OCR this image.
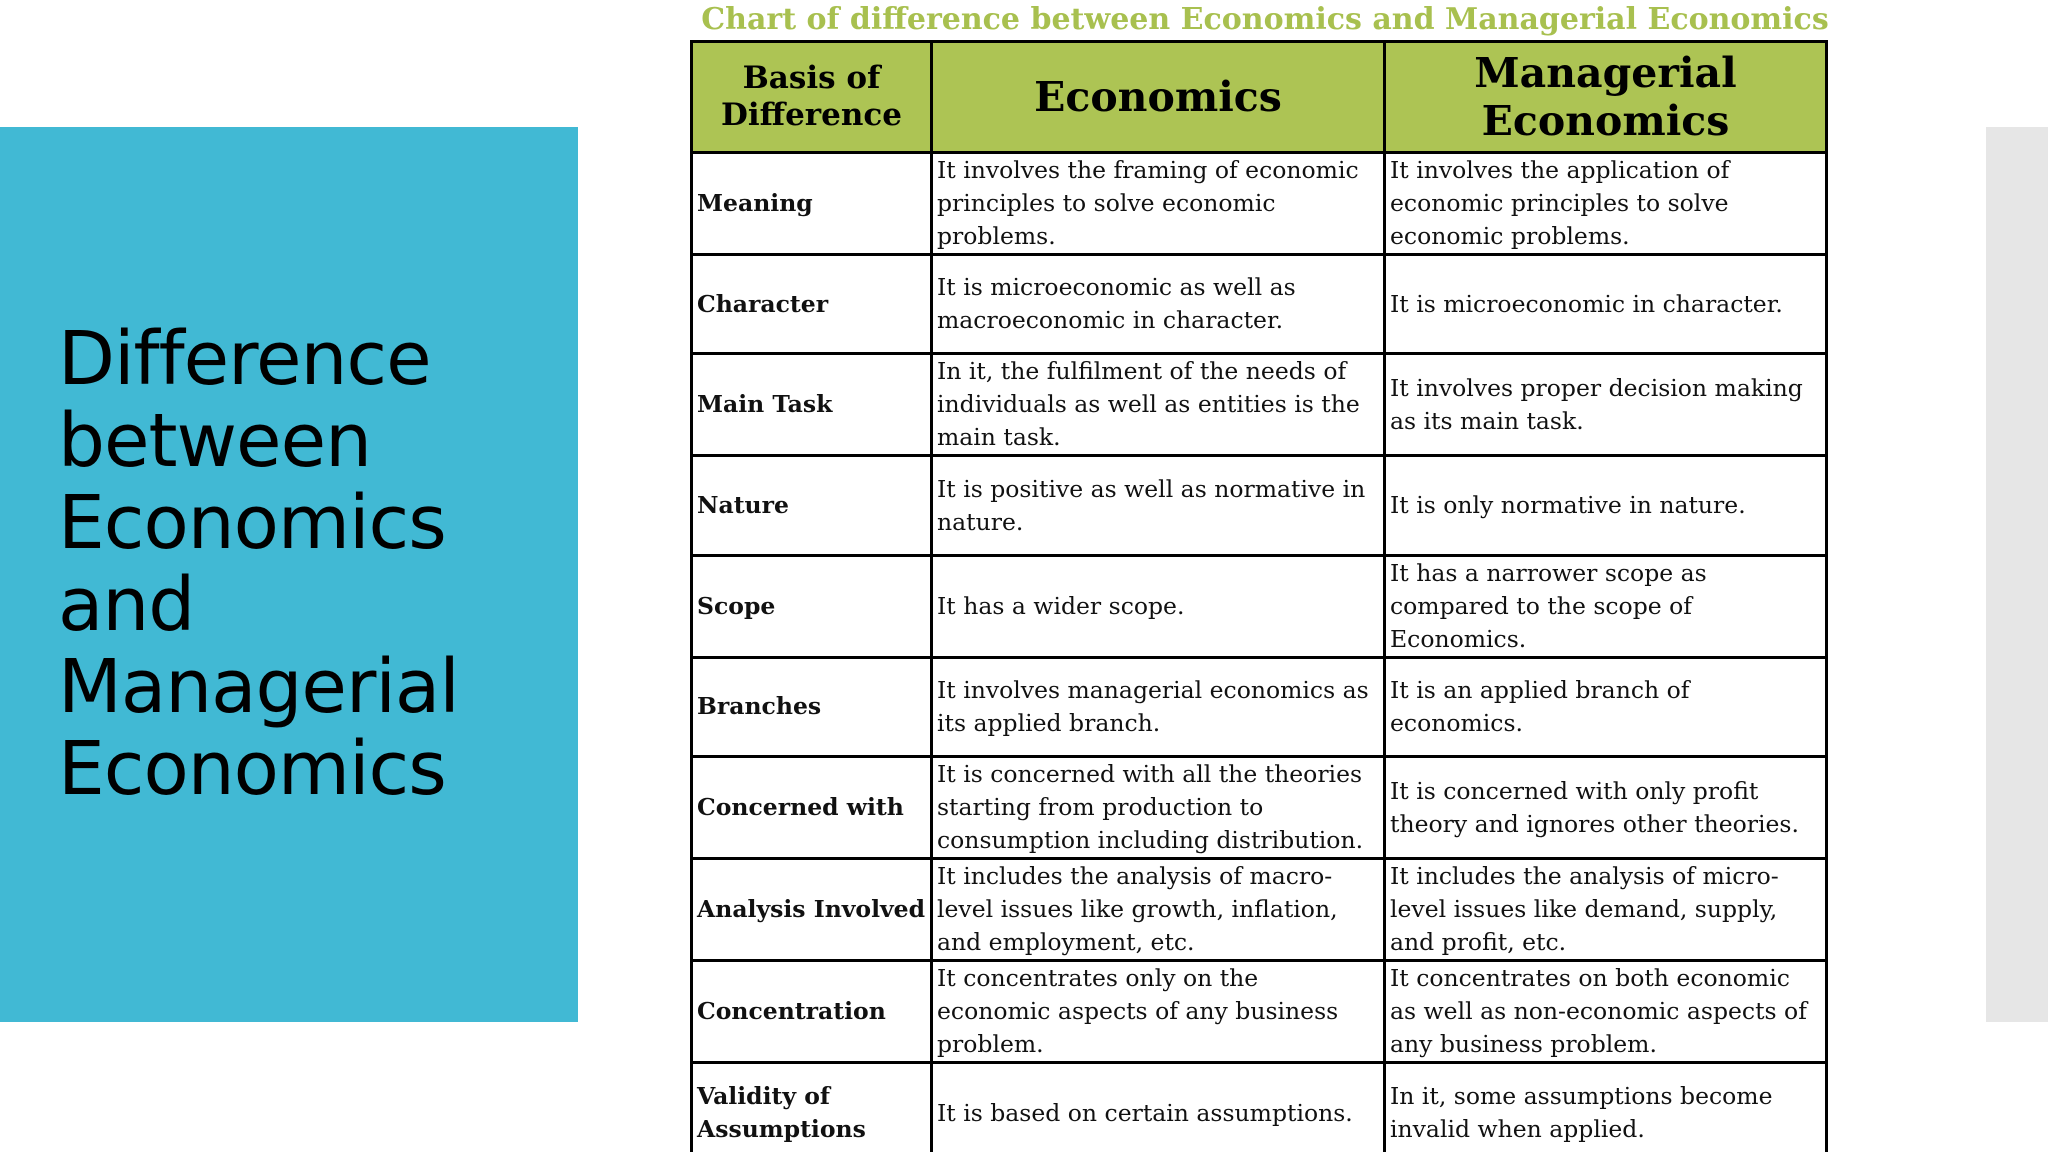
Difference between Economics and Managerial Economics
Chart of difference between Economics and Managerial Economics
Basis of Difference	Economics	Managerial Economics
Meaning	It involves the framing of economic principles to solve economic problems.	It involves the application of economic principles to solve economic problems.
Character	It is microeconomic as well as macroeconomic in character.	It is microeconomic in character.
Main Task	In it, the fulfilment of the needs of individuals as well as entities is the main task.	It involves proper decision making as its main task.
Nature	It is positive as well as normative in nature.	It is only normative in nature.
Scope	It has a wider scope.	It has a narrower scope as compared to the scope of Economics.
Branches	It involves managerial economics as its applied branch.	It is an applied branch of economics.
Concerned with	It is concerned with all the theories starting from production to consumption including distribution.	It is concerned with only profit theory and ignores other theories.
Analysis Involved	It includes the analysis of macro-level issues like growth, inflation, and employment, etc.	It includes the analysis of micro-level issues like demand, supply, and profit, etc.
Concentration	It concentrates only on the economic aspects of any business problem.	It concentrates on both economic as well as non-economic aspects of any business problem.
Validity of Assumptions	It is based on certain assumptions.	In it, some assumptions become invalid when applied.
